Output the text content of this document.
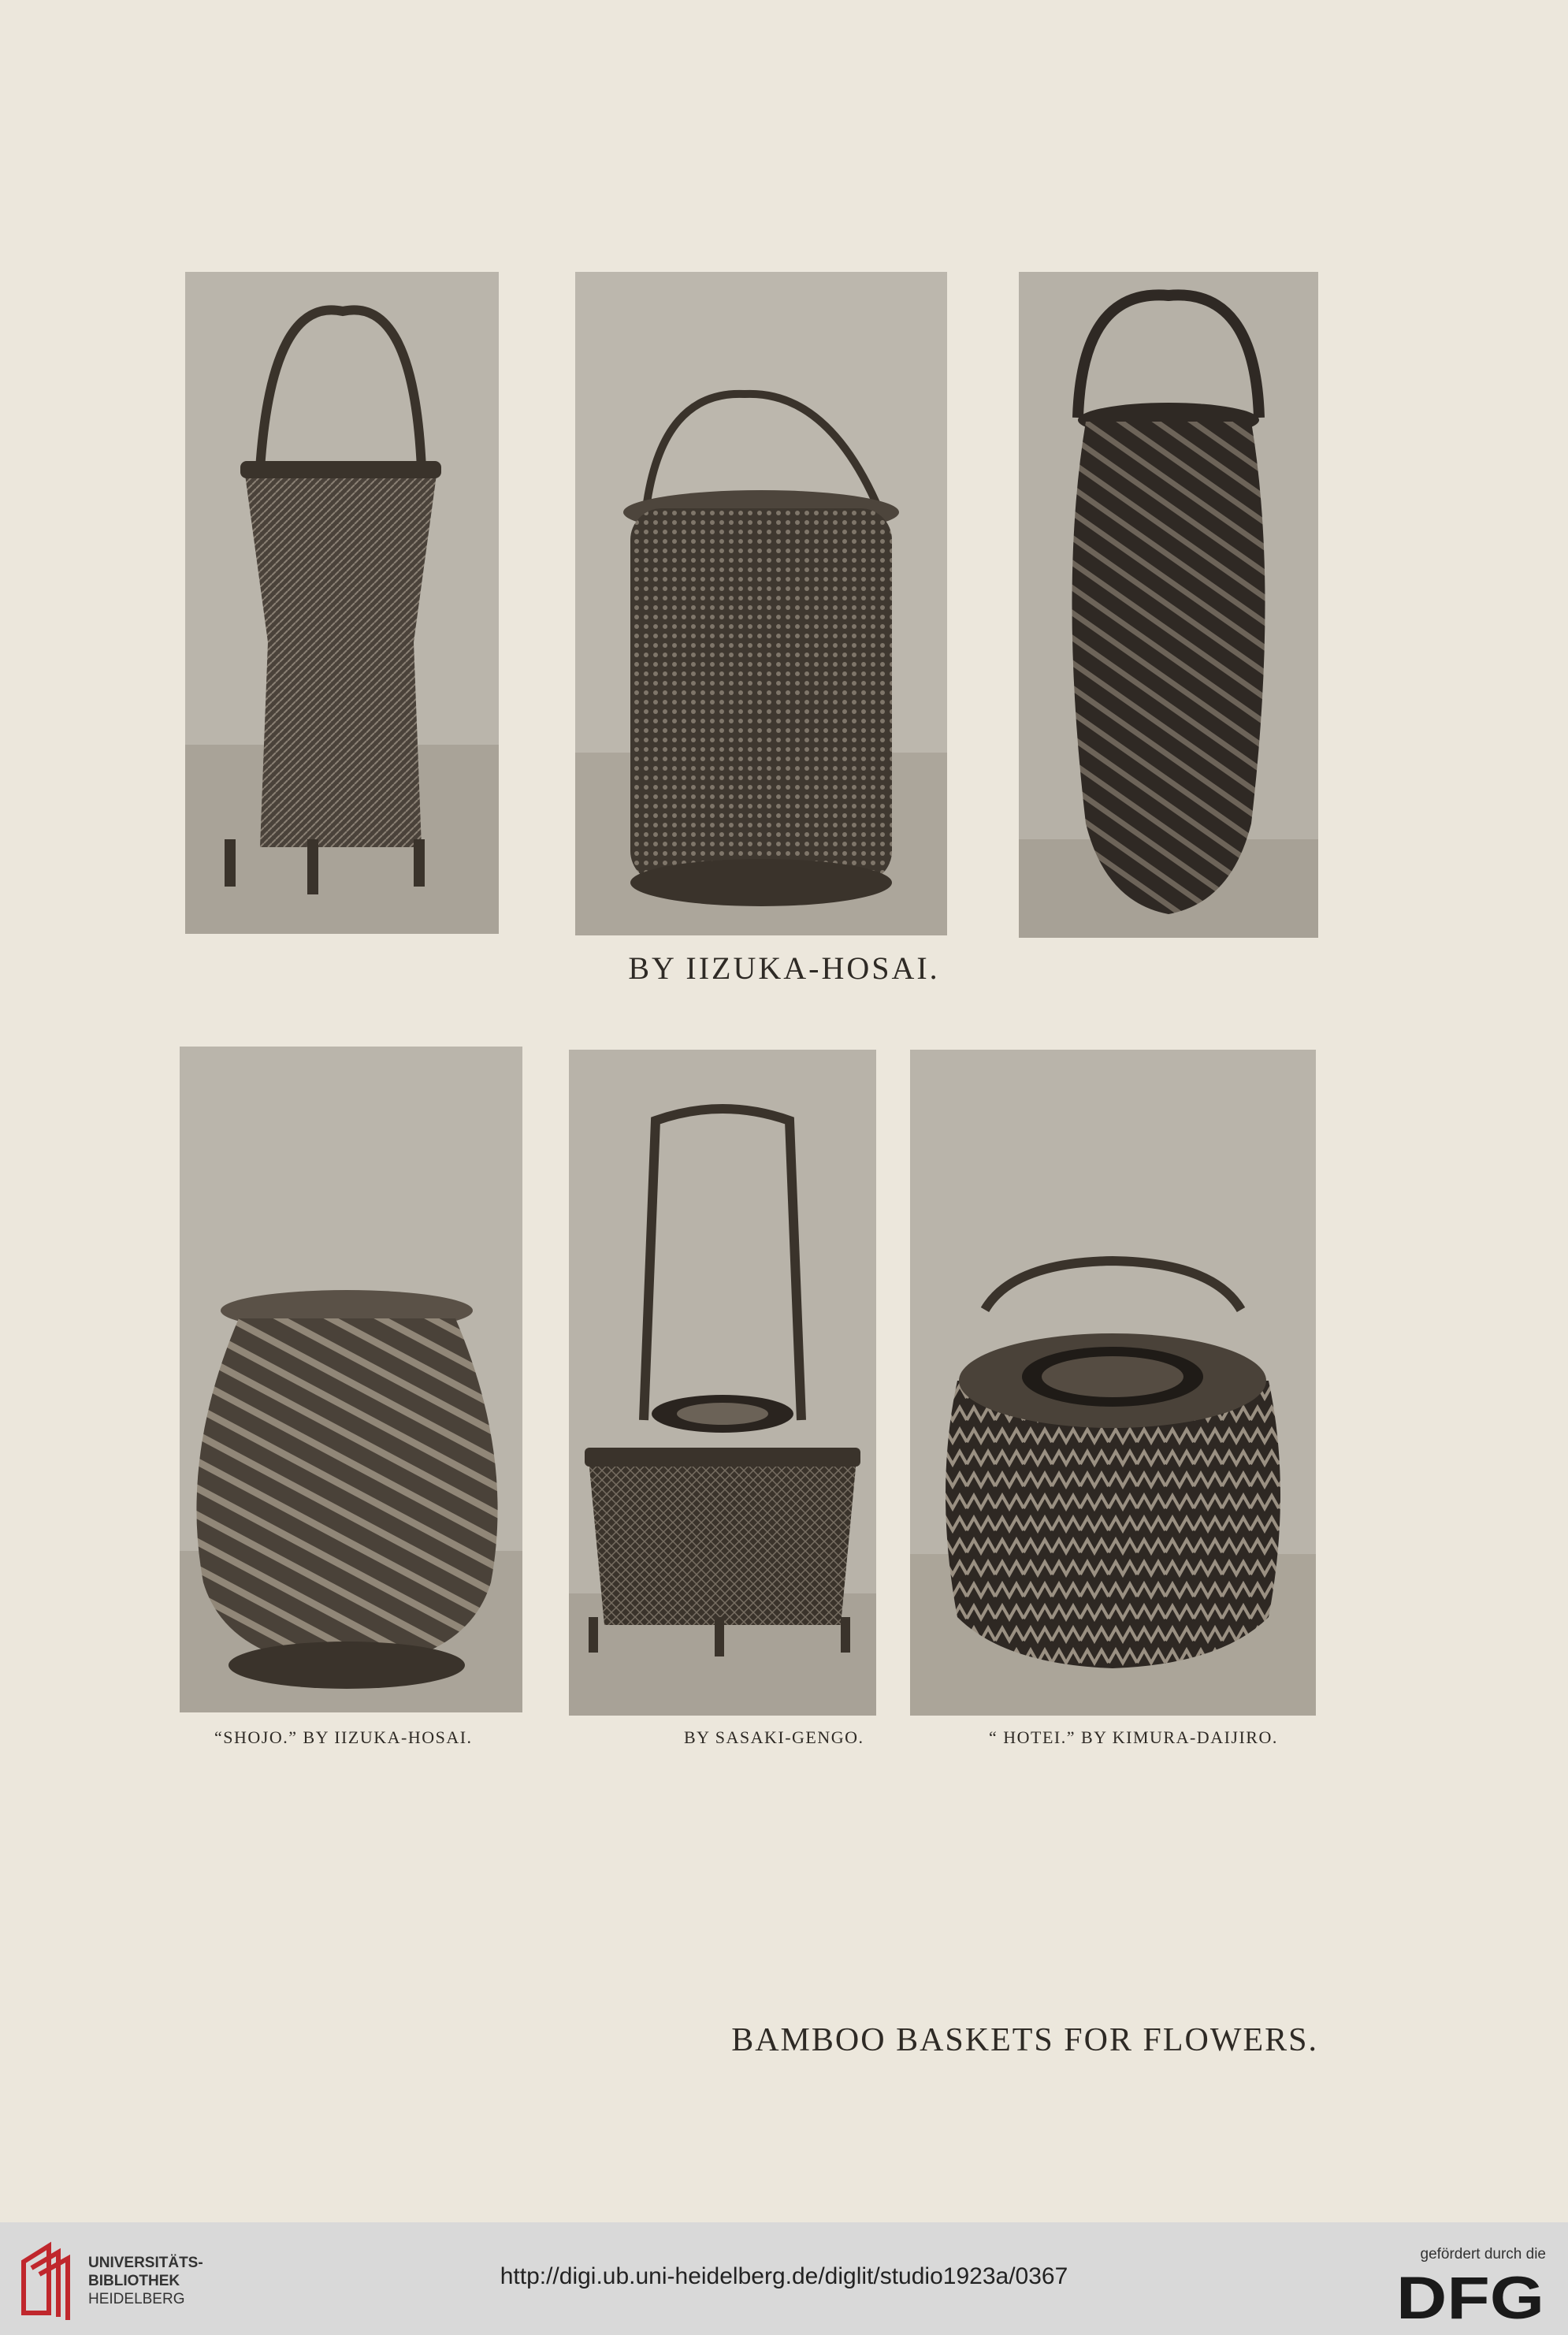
BY IIZUKA-HOSAI.
“SHOJO.” BY IIZUKA-HOSAI.	BY SASAKI-GENGO.	“ HOTEI.” BY KIMURA-DAIJIRO.
BAMBOO BASKETS FOR FLOWERS.
UNIVERSITÄTS-
BIBLIOTHEK
HEIDELBERG
http://digi.ub.uni-heidelberg.de/diglit/studio1923a/0367
gefördert durch die
DFG
